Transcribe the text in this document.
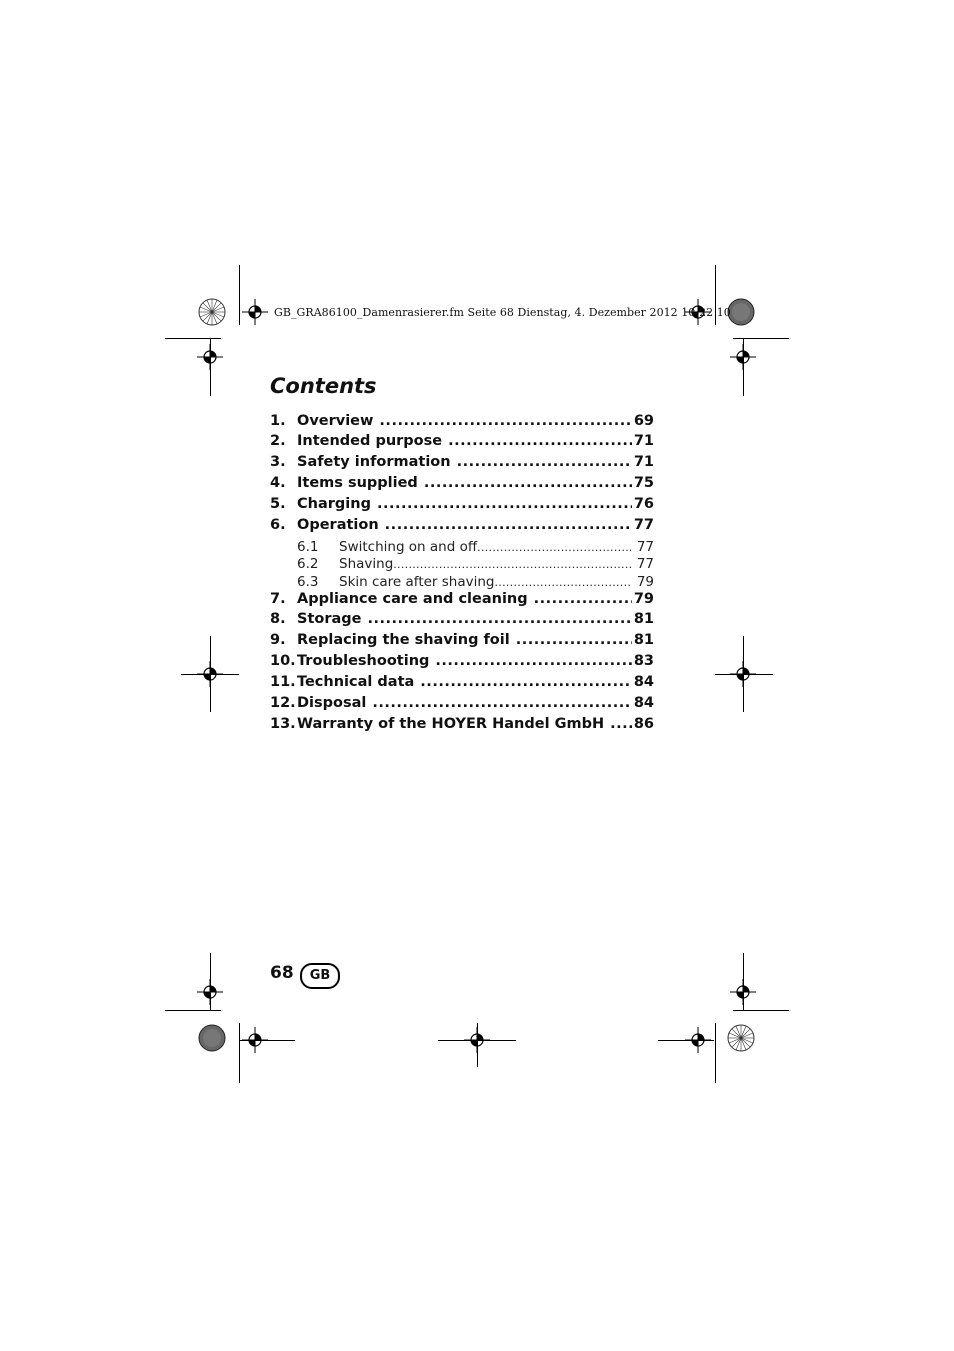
GB_GRA86100_Damenrasierer.fm Seite 68 Dienstag, 4. Dezember 2012 10:22 10
Contents
1. Overview .....	69
2. Intended purpose .....	71
3. Safety information .....	71
4. Items supplied .....	75
5. Charging .....	76
6. Operation .....	77
6.1	Switching on and off .....	77
6.2	Shaving .....	77
6.3	Skin care after shaving .....	79
7. Appliance care and cleaning .....	79
8. Storage .....	81
9. Replacing the shaving foil .....	81
10. Troubleshooting .....	83
11. Technical data .....	84
12. Disposal .....	84
13. Warranty of the HOYER Handel GmbH ..... 86
68	GB
